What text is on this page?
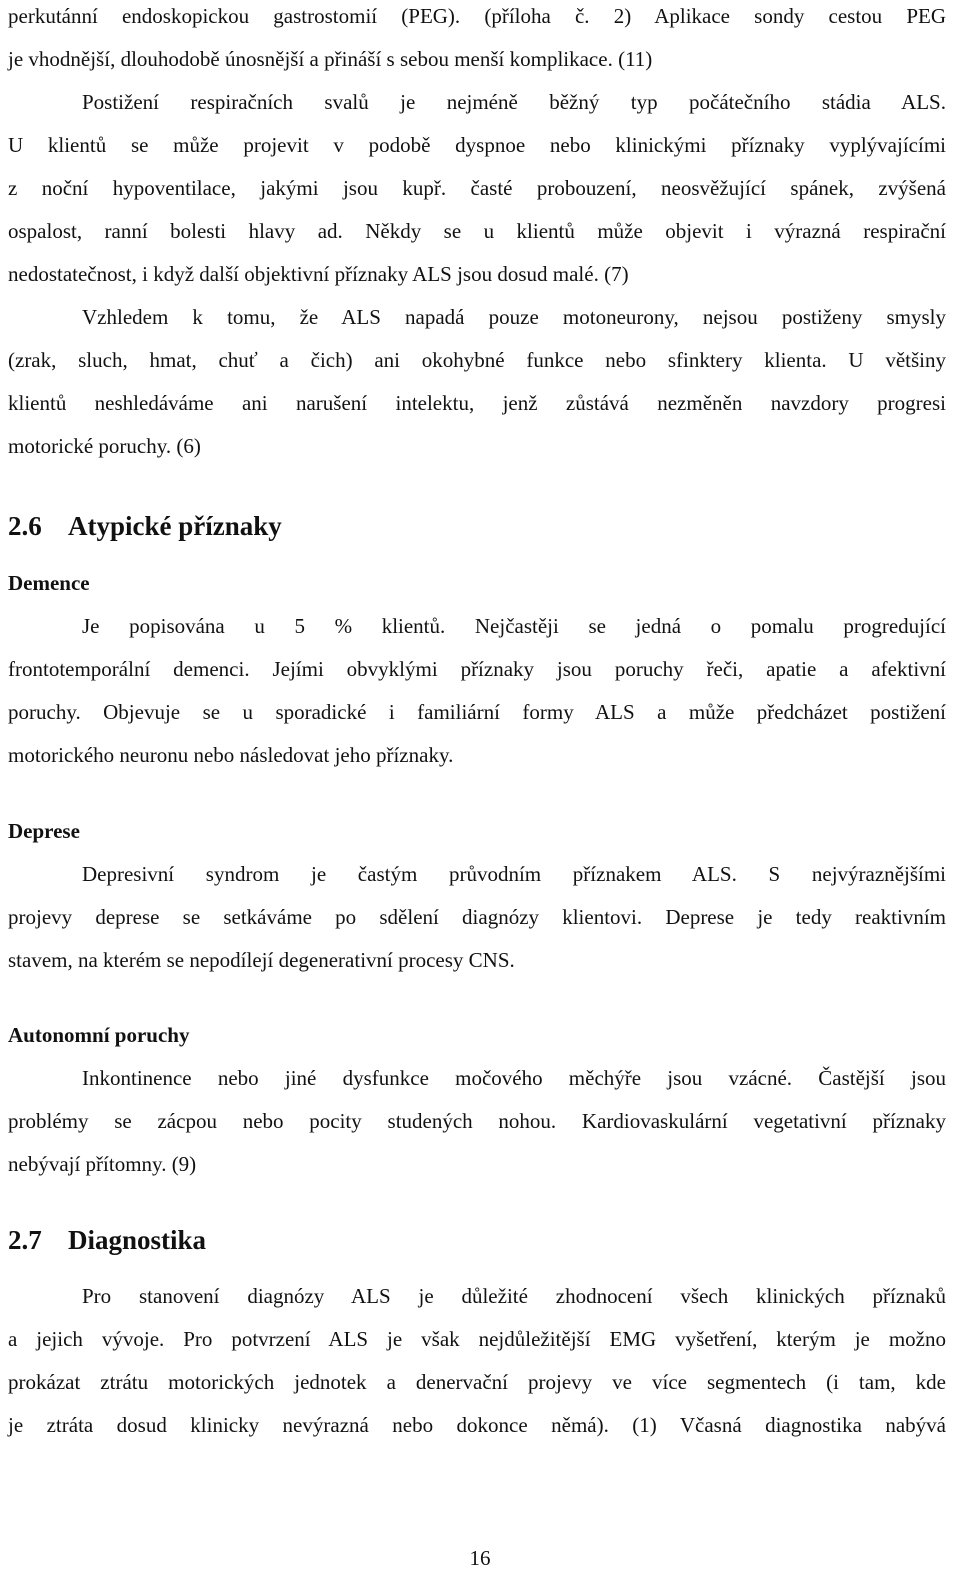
perkutánní endoskopickou gastrostomií (PEG). (příloha č. 2) Aplikace sondy cestou PEG
je vhodnější, dlouhodobě únosnější a přináší s sebou menší komplikace. (11)
Postižení respiračních svalů je nejméně běžný typ počátečního stádia ALS.
U klientů se může projevit v podobě dyspnoe nebo klinickými příznaky vyplývajícími
z noční hypoventilace, jakými jsou kupř. časté probouzení, neosvěžující spánek, zvýšená
ospalost, ranní bolesti hlavy ad. Někdy se u klientů může objevit i výrazná respirační
nedostatečnost, i když další objektivní příznaky ALS jsou dosud malé. (7)
Vzhledem k tomu, že ALS napadá pouze motoneurony, nejsou postiženy smysly
(zrak, sluch, hmat, chuť a čich) ani okohybné funkce nebo sfinktery klienta. U většiny
klientů neshledáváme ani narušení intelektu, jenž zůstává nezměněn navzdory progresi
motorické poruchy. (6)
2.6 Atypické příznaky
Demence
Je popisována u 5 % klientů. Nejčastěji se jedná o pomalu progredující
frontotemporální demenci. Jejími obvyklými příznaky jsou poruchy řeči, apatie a afektivní
poruchy. Objevuje se u sporadické i familiární formy ALS a může předcházet postižení
motorického neuronu nebo následovat jeho příznaky.
Deprese
Depresivní syndrom je častým průvodním příznakem ALS. S nejvýraznějšími
projevy deprese se setkáváme po sdělení diagnózy klientovi. Deprese je tedy reaktivním
stavem, na kterém se nepodílejí degenerativní procesy CNS.
Autonomní poruchy
Inkontinence nebo jiné dysfunkce močového měchýře jsou vzácné. Častější jsou
problémy se zácpou nebo pocity studených nohou. Kardiovaskulární vegetativní příznaky
nebývají přítomny. (9)
2.7 Diagnostika
Pro stanovení diagnózy ALS je důležité zhodnocení všech klinických příznaků
a jejich vývoje. Pro potvrzení ALS je však nejdůležitější EMG vyšetření, kterým je možno
prokázat ztrátu motorických jednotek a denervační projevy ve více segmentech (i tam, kde
je ztráta dosud klinicky nevýrazná nebo dokonce němá). (1) Včasná diagnostika nabývá
16
